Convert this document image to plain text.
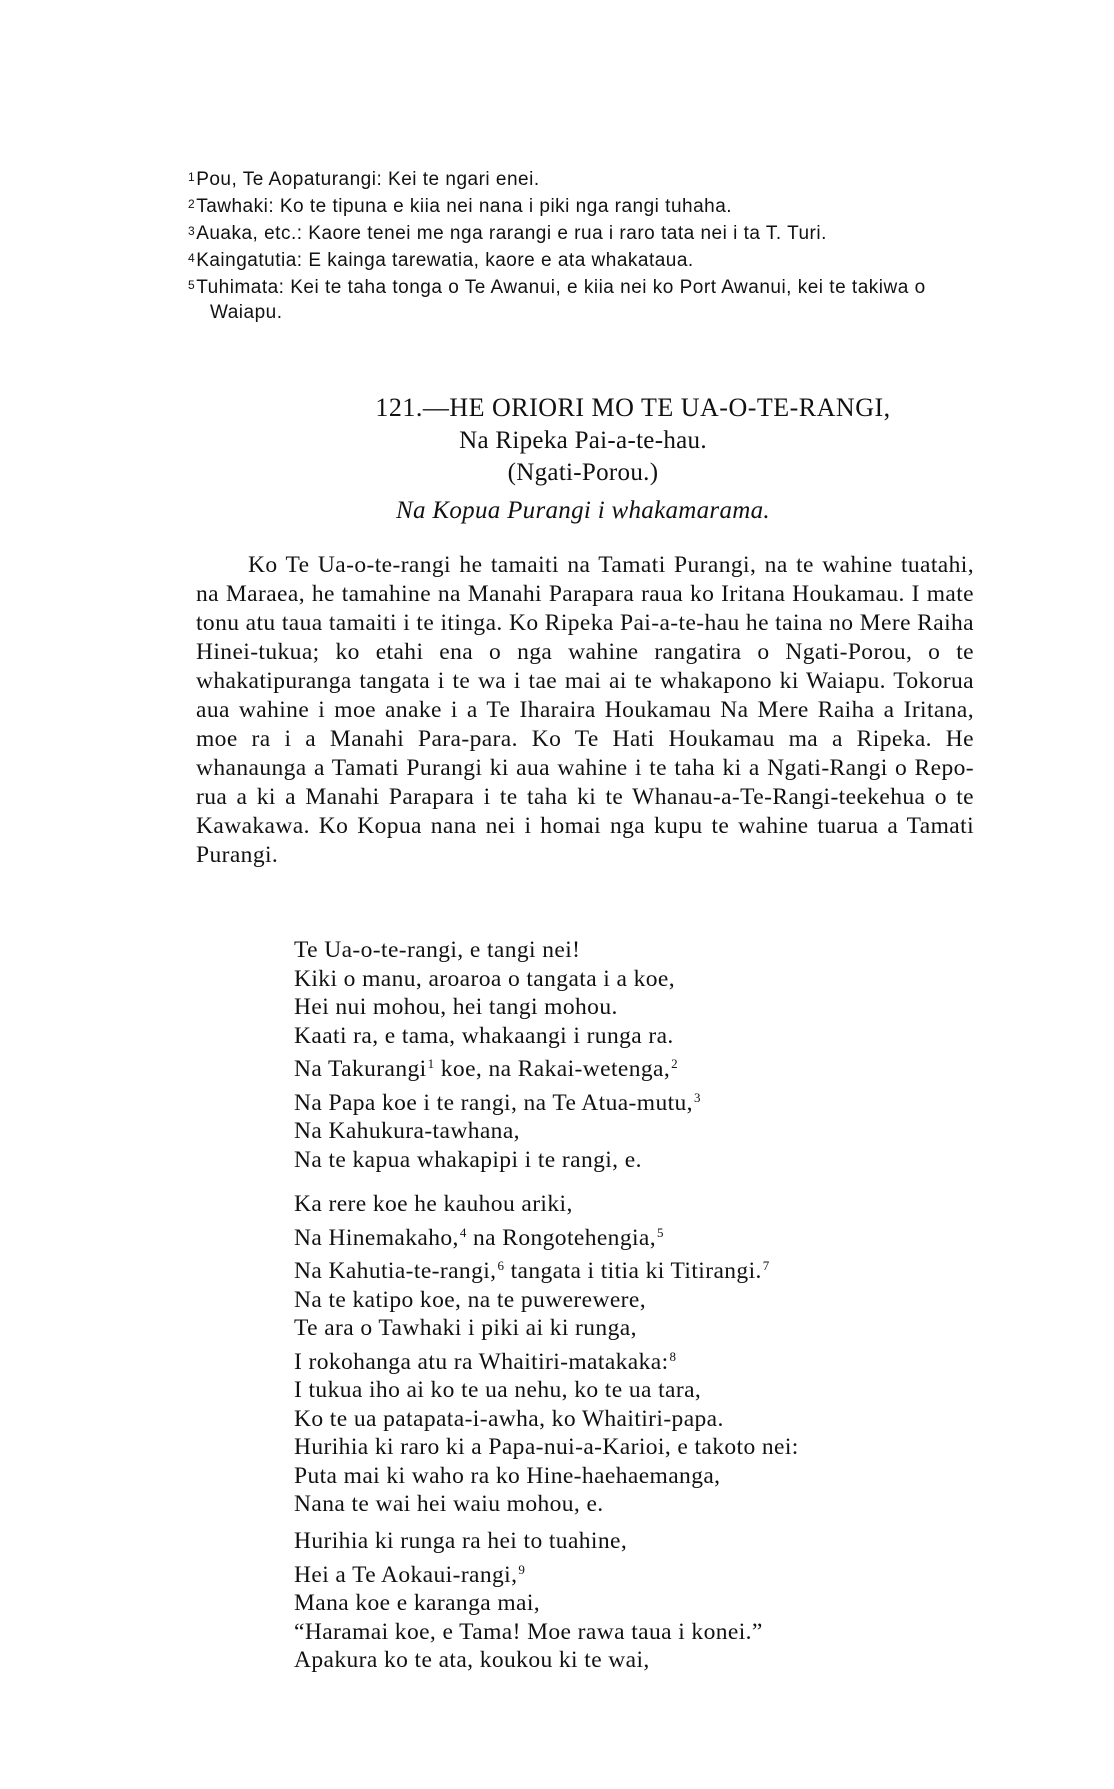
$^1$Pou, Te Aopaturangi: Kei te ngari enei.
$^2$Tawhaki: Ko te tipuna e kiia nei nana i piki nga rangi tuhaha.
$^3$Auaka, etc.: Kaore tenei me nga rarangi e rua i raro tata nei i ta T. Turi.
$^4$Kaingatutia: E kainga tarewatia, kaore e ata whakataua.
$^5$Tuhimata: Kei te taha tonga o Te Awanui, e kiia nei ko Port Awanui, kei te takiwa o Waiapu.
121.—HE ORIORI MO TE UA-O-TE-RANGI,
Na Ripeka Pai-a-te-hau.
(Ngati-Porou.)
Na Kopua Purangi i whakamarama.

Ko Te Ua-o-te-rangi he tamaiti na Tamati Purangi, na te wahine tuatahi, na Maraea, he tamahine na Manahi Parapara raua ko Iritana Houkamau. I mate tonu atu taua tamaiti i te itinga. Ko Ripeka Pai-a-te-hau he taina no Mere Raiha Hinei-tukua; ko etahi ena o nga wahine rangatira o Ngati-Porou, o te whakatipuranga tangata i te wa i tae mai ai te whakapono ki Waiapu. Tokorua aua wahine i moe anake i a Te Iharaira Houkamau Na Mere Raiha a Iritana, moe ra i a Manahi Para-para. Ko Te Hati Houkamau ma a Ripeka. He whanaunga a Tamati Purangi ki aua wahine i te taha ki a Ngati-Rangi o Repo-rua a ki a Manahi Parapara i te taha ki te Whanau-a-Te-Rangi-teekehua o te Kawakawa. Ko Kopua nana nei i homai nga kupu te wahine tuarua a Tamati Purangi.

Te Ua-o-te-rangi, e tangi nei!
Kiki o manu, aroaroa o tangata i a koe,
Hei nui mohou, hei tangi mohou.
Kaati ra, e tama, whakaangi i runga ra.
Na Takurangi$^1$ koe, na Rakai-wetenga,$^2$
Na Papa koe i te rangi, na Te Atua-mutu,$^3$
Na Kahukura-tawhana,
Na te kapua whakapipi i te rangi, e.
Ka rere koe he kauhou ariki,
Na Hinemakaho,$^4$ na Rongotehengia,$^5$
Na Kahutia-te-rangi,$^6$ tangata i titia ki Titirangi.$^7$
Na te katipo koe, na te puwerewere,
Te ara o Tawhaki i piki ai ki runga,
I rokohanga atu ra Whaitiri-matakaka:$^8$
I tukua iho ai ko te ua nehu, ko te ua tara,
Ko te ua patapata-i-awha, ko Whaitiri-papa.
Hurihia ki raro ki a Papa-nui-a-Karioi, e takoto nei:
Puta mai ki waho ra ko Hine-haehaemanga,
Nana te wai hei waiu mohou, e.
Hurihia ki runga ra hei to tuahine,
Hei a Te Aokaui-rangi,$^9$
Mana koe e karanga mai,
“Haramai koe, e Tama! Moe rawa taua i konei.”
Apakura ko te ata, koukou ki te wai,
